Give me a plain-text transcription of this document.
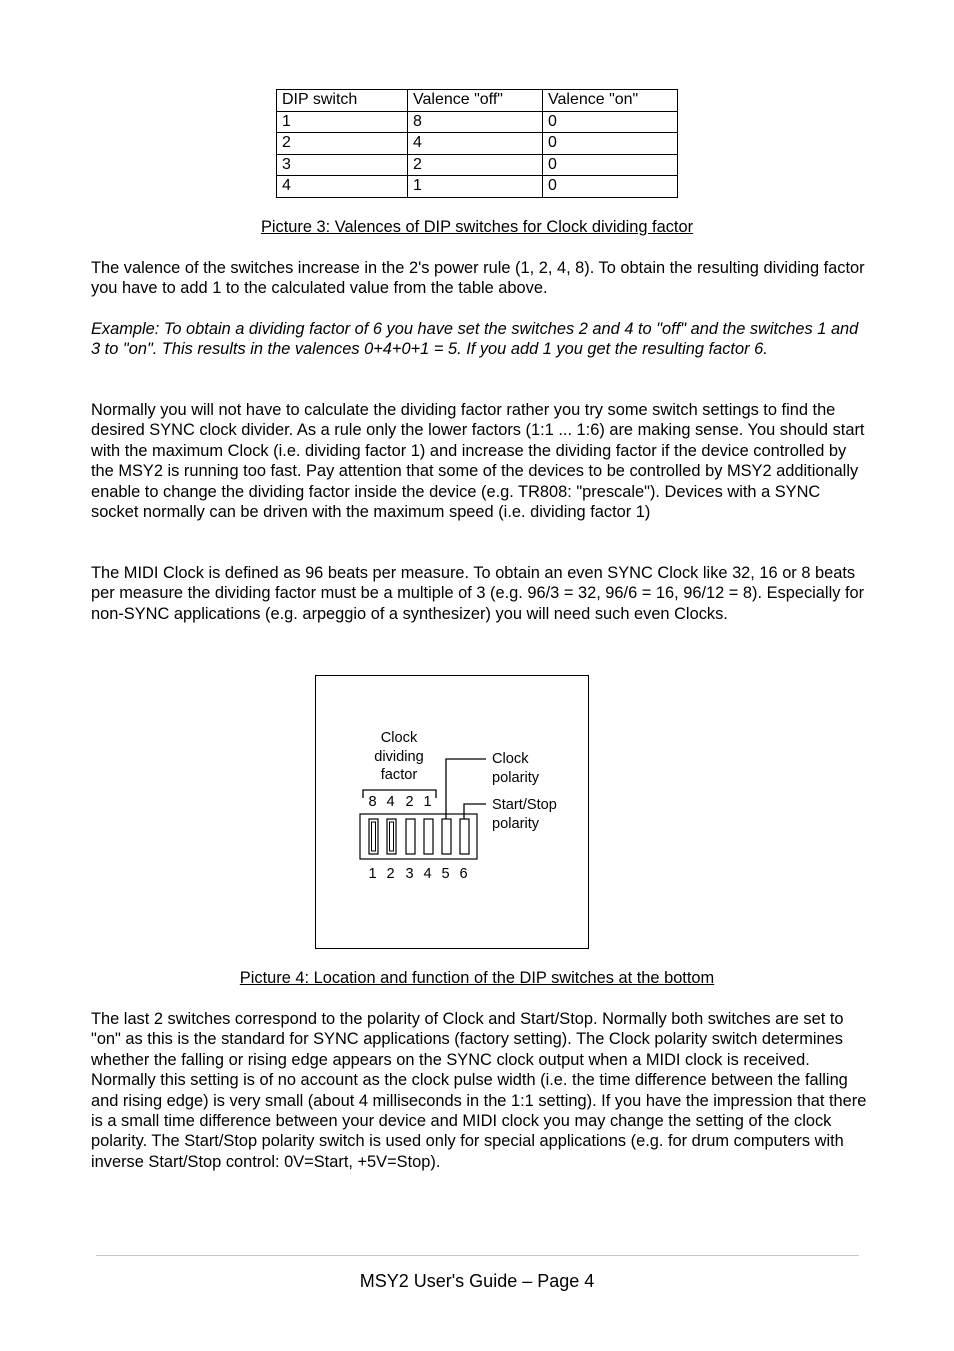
DIP switch	Valence "off"	Valence "on"
1	8	0
2	4	0
3	2	0
4	1	0
Picture 3: Valences of DIP switches for Clock dividing factor

The valence of the switches increase in the 2's power rule (1, 2, 4, 8). To obtain the resulting dividing factor you have to add 1 to the calculated value from the table above.

Example: To obtain a dividing factor of 6 you have set the switches 2 and 4 to "off" and the switches 1 and 3 to "on". This results in the valences 0+4+0+1 = 5. If you add 1 you get the resulting factor 6.

Normally you will not have to calculate the dividing factor rather you try some switch settings to find the desired SYNC clock divider. As a rule only the lower factors (1:1 ... 1:6) are making sense. You should start with the maximum Clock (i.e. dividing factor 1) and increase the dividing factor if the device controlled by the MSY2 is running too fast. Pay attention that some of the devices to be controlled by MSY2 additionally enable to change the dividing factor inside the device (e.g. TR808: "prescale"). Devices with a SYNC socket normally can be driven with the maximum speed (i.e. dividing factor 1)

The MIDI Clock is defined as 96 beats per measure. To obtain an even SYNC Clock like 32, 16 or 8 beats per measure the dividing factor must be a multiple of 3 (e.g. 96/3 = 32, 96/6 = 16, 96/12 = 8). Especially for non-SYNC applications (e.g. arpeggio of a synthesizer) you will need such even Clocks.

Clock
dividing
factor
8 4 2 1
Clock
polarity
Start/Stop
polarity
1 2 3 4 5 6
Picture 4: Location and function of the DIP switches at the bottom

The last 2 switches correspond to the polarity of Clock and Start/Stop. Normally both switches are set to "on" as this is the standard for SYNC applications (factory setting). The Clock polarity switch determines whether the falling or rising edge appears on the SYNC clock output when a MIDI clock is received. Normally this setting is of no account as the clock pulse width (i.e. the time difference between the falling and rising edge) is very small (about 4 milliseconds in the 1:1 setting). If you have the impression that there is a small time difference between your device and MIDI clock you may change the setting of the clock polarity. The Start/Stop polarity switch is used only for special applications (e.g. for drum computers with inverse Start/Stop control: 0V=Start, +5V=Stop).

MSY2 User's Guide – Page 4
